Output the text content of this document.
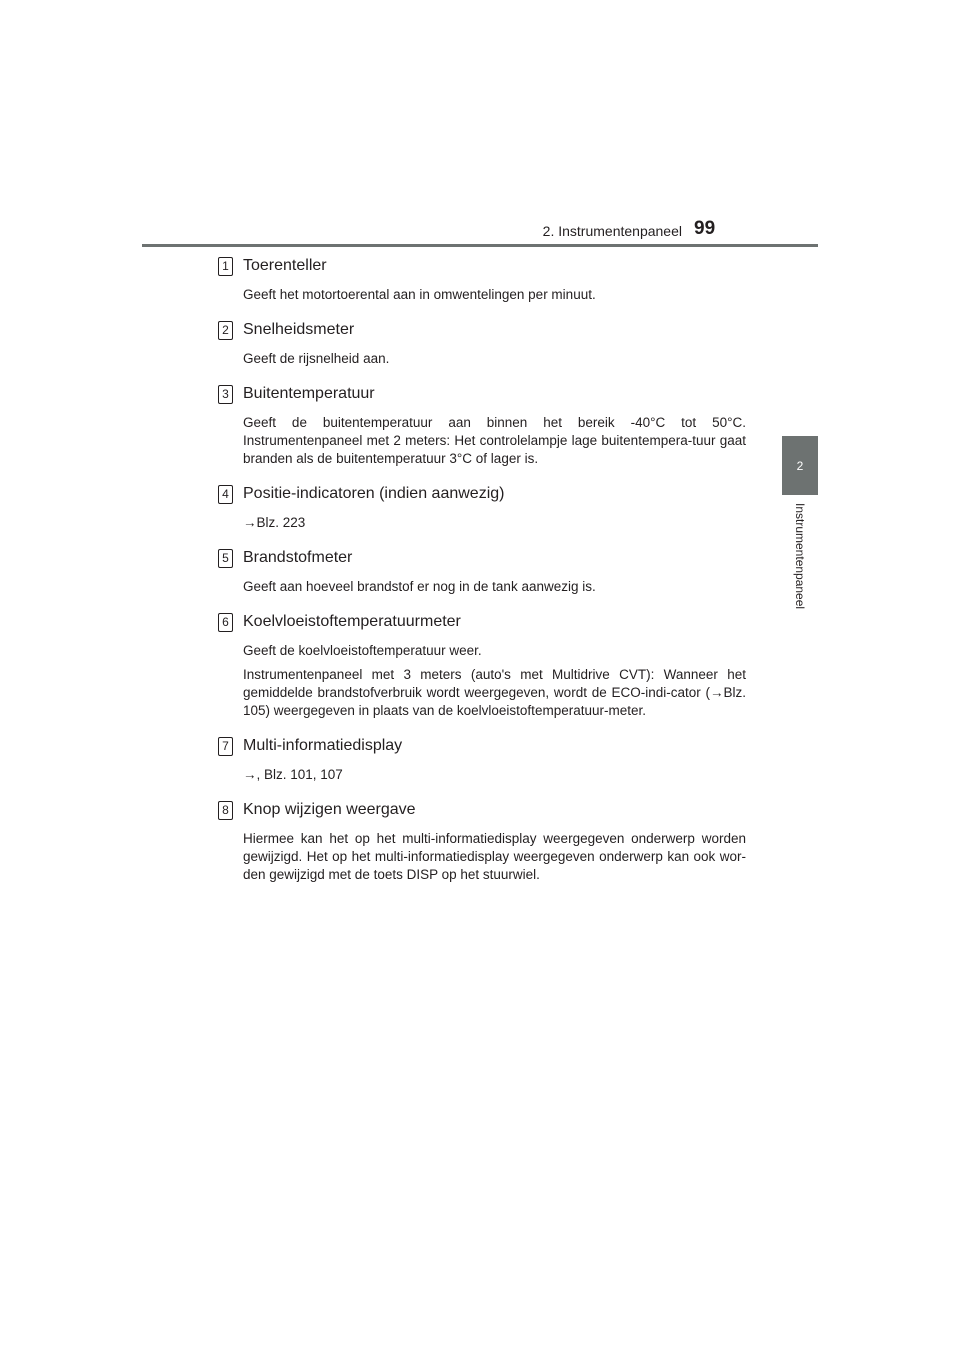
2. Instrumentenpaneel 99
2
Instrumentenpaneel
1 Toerenteller

Geeft het motortoerental aan in omwentelingen per minuut.

2 Snelheidsmeter

Geeft de rijsnelheid aan.

3 Buitentemperatuur

Geeft de buitentemperatuur aan binnen het bereik -40°C tot 50°C. Instrumentenpaneel met 2 meters: Het controlelampje lage buitentempera-tuur gaat branden als de buitentemperatuur 3°C of lager is.

4 Positie-indicatoren (indien aanwezig)

→Blz. 223

5 Brandstofmeter

Geeft aan hoeveel brandstof er nog in de tank aanwezig is.

6 Koelvloeistoftemperatuurmeter

Geeft de koelvloeistoftemperatuur weer.

Instrumentenpaneel met 3 meters (auto's met Multidrive CVT): Wanneer het gemiddelde brandstofverbruik wordt weergegeven, wordt de ECO-indi-cator (→Blz. 105) weergegeven in plaats van de koelvloeistoftemperatuur-meter.

7 Multi-informatiedisplay

→, Blz. 101, 107

8 Knop wijzigen weergave

Hiermee kan het op het multi-informatiedisplay weergegeven onderwerp worden gewijzigd. Het op het multi-informatiedisplay weergegeven onderwerp kan ook wor-den gewijzigd met de toets DISP op het stuurwiel.
